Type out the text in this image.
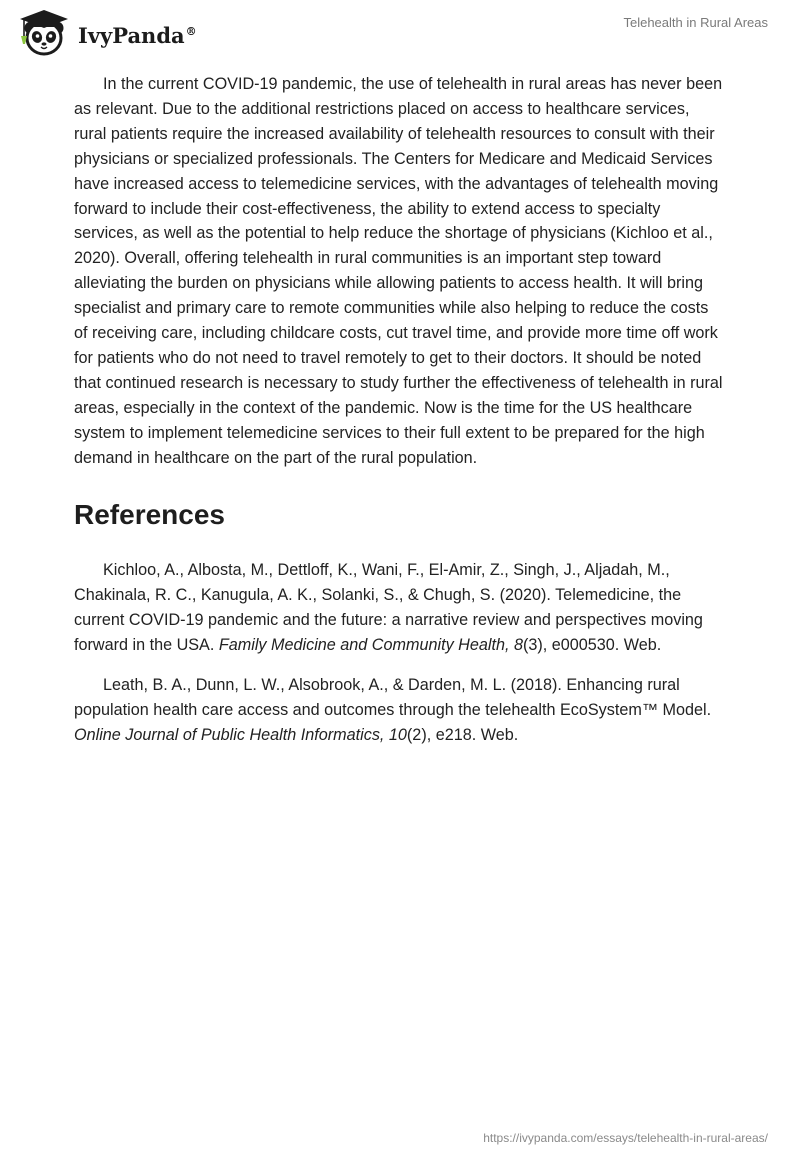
IvyPanda®
Telehealth in Rural Areas

In the current COVID-19 pandemic, the use of telehealth in rural areas has never been as relevant. Due to the additional restrictions placed on access to healthcare services, rural patients require the increased availability of telehealth resources to consult with their physicians or specialized professionals. The Centers for Medicare and Medicaid Services have increased access to telemedicine services, with the advantages of telehealth moving forward to include their cost-effectiveness, the ability to extend access to specialty services, as well as the potential to help reduce the shortage of physicians (Kichloo et al., 2020). Overall, offering telehealth in rural communities is an important step toward alleviating the burden on physicians while allowing patients to access health. It will bring specialist and primary care to remote communities while also helping to reduce the costs of receiving care, including childcare costs, cut travel time, and provide more time off work for patients who do not need to travel remotely to get to their doctors. It should be noted that continued research is necessary to study further the effectiveness of telehealth in rural areas, especially in the context of the pandemic. Now is the time for the US healthcare system to implement telemedicine services to their full extent to be prepared for the high demand in healthcare on the part of the rural population.

References

Kichloo, A., Albosta, M., Dettloff, K., Wani, F., El-Amir, Z., Singh, J., Aljadah, M., Chakinala, R. C., Kanugula, A. K., Solanki, S., & Chugh, S. (2020). Telemedicine, the current COVID-19 pandemic and the future: a narrative review and perspectives moving forward in the USA. Family Medicine and Community Health, 8(3), e000530. Web.

Leath, B. A., Dunn, L. W., Alsobrook, A., & Darden, M. L. (2018). Enhancing rural population health care access and outcomes through the telehealth EcoSystem™ Model. Online Journal of Public Health Informatics, 10(2), e218. Web.

https://ivypanda.com/essays/telehealth-in-rural-areas/
